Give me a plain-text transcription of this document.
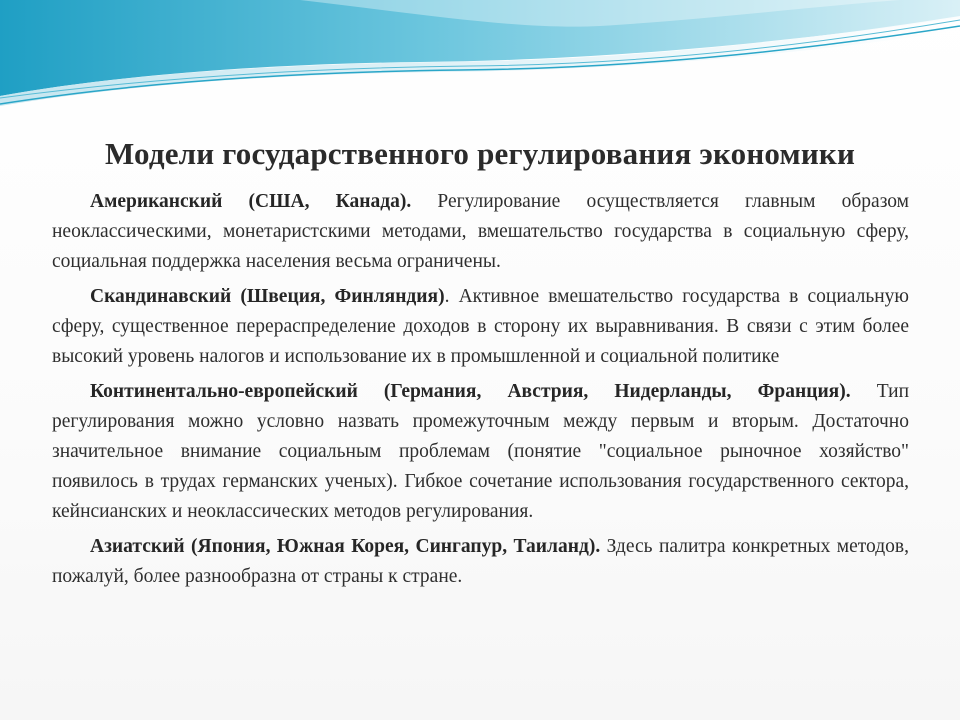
Модели государственного регулирования экономики

Американский (США, Канада). Регулирование осуществляется главным образом неоклассическими, монетаристскими методами, вмешательство государства в социальную сферу, социальная поддержка населения весьма ограничены.

Скандинавский (Швеция, Финляндия). Активное вмешательство государства в социальную сферу, существенное перераспределение доходов в сторону их выравнивания. В связи с этим более высокий уровень налогов и использование их в промышленной и социальной политике

Континентально-европейский (Германия, Австрия, Нидерланды, Франция). Тип регулирования можно условно назвать промежуточным между первым и вторым. Достаточно значительное внимание социальным проблемам (понятие "социальное рыночное хозяйство" появилось в трудах германских ученых). Гибкое сочетание использования государственного сектора, кейнсианских и неоклассических методов регулирования.

Азиатский (Япония, Южная Корея, Сингапур, Таиланд). Здесь палитра конкретных методов, пожалуй, более разнообразна от страны к стране.
